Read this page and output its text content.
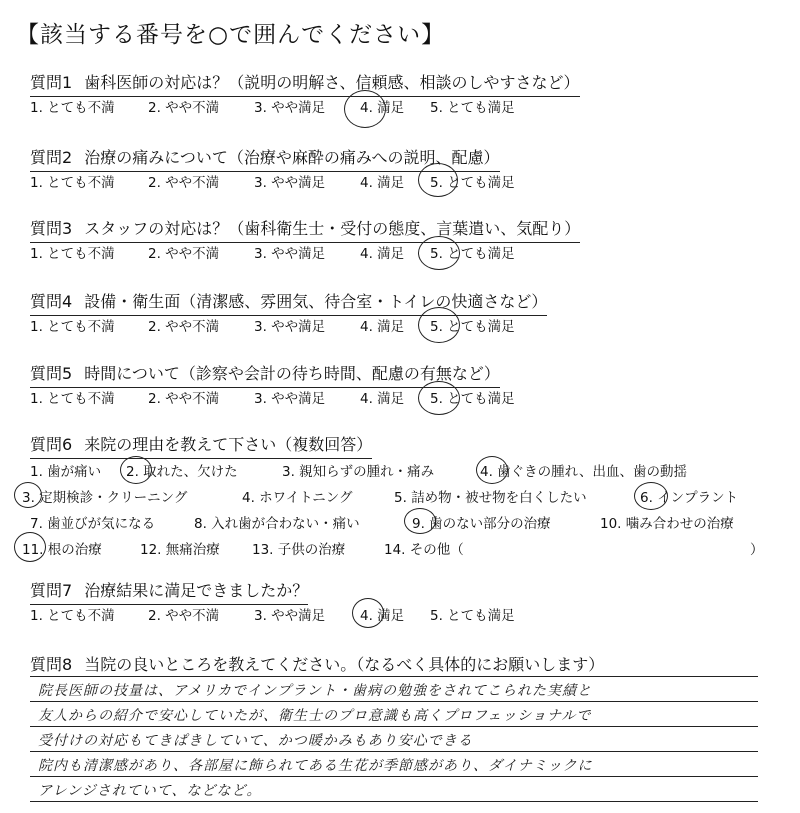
【該当する番号を○で囲んでください】
質問1 歯科医師の対応は？（説明の明解さ、信頼感、相談のしやすさなど）
1. とても不満 2. やや不満	3. やや満足	4. 満足 5. とても満足
質問2 治療の痛みについて（治療や麻酔の痛みへの説明、配慮）
1. とても不満 2. やや不満	3. やや満足	4. 満足 5. とても満足
質問3 スタッフの対応は？（歯科衛生士・受付の態度、言葉遣い、気配り）
1. とても不満 2. やや不満	3. やや満足	4. 満足 5. とても満足
質問4 設備・衛生面（清潔感、雰囲気、待合室・トイレの快適さなど）
1. とても不満 2. やや不満	3. やや満足	4. 満足 5. とても満足
質問5 時間について（診察や会計の待ち時間、配慮の有無など）
1. とても不満 2. やや不満	3. やや満足	4. 満足 5. とても満足
質問6 来院の理由を教えて下さい（複数回答）
1. 歯が痛い 2. 取れた、欠けた	3. 親知らずの腫れ・痛み	4. 歯ぐきの腫れ、出血、歯の動揺
3. 定期検診・クリーニング	4. ホワイトニング	5. 詰め物・被せ物を白くしたい	6. インプラント
7. 歯並びが気になる	8. 入れ歯が合わない・痛い	9. 歯のない部分の治療	10. 噛み合わせの治療
11. 根の治療	12. 無痛治療 13. 子供の治療	14. その他（	）
質問7 治療結果に満足できましたか？
1. とても不満 2. やや不満	3. やや満足	4. 満足 5. とても満足
質問8 当院の良いところを教えてください。（なるべく具体的にお願いします）
院長医師の技量は、アメリカでインプラント・歯病の勉強をされてこられた実績と
友人からの紹介で安心していたが、衛生士のプロ意識も高くプロフェッショナルで
受付けの対応もてきぱきしていて、かつ暖かみもあり安心できる
院内も清潔感があり、各部屋に飾られてある生花が季節感があり、ダイナミックに
アレンジされていて、などなど。
